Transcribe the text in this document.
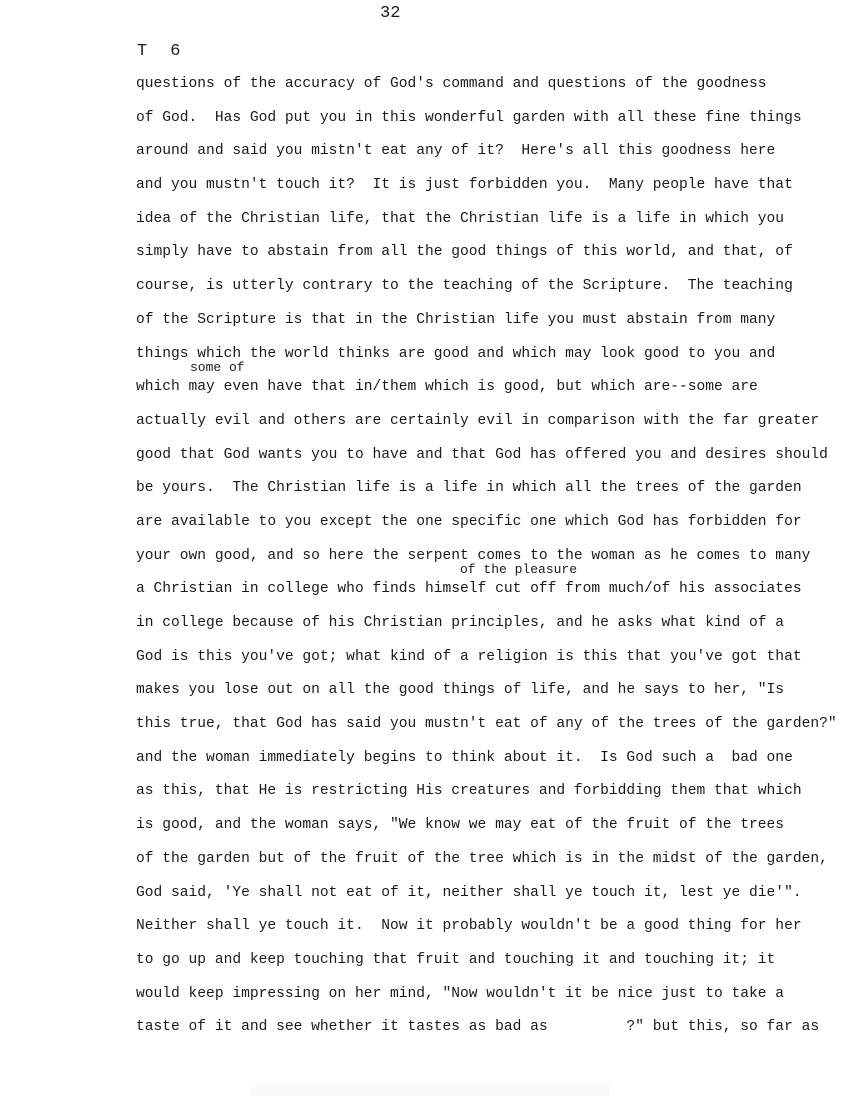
32
T 6
some of
of the pleasure
questions of the accuracy of God's command and questions of the goodness
of God.  Has God put you in this wonderful garden with all these fine things
around and said you mistn't eat any of it?  Here's all this goodness here
and you mustn't touch it?  It is just forbidden you.  Many people have that
idea of the Christian life, that the Christian life is a life in which you
simply have to abstain from all the good things of this world, and that, of
course, is utterly contrary to the teaching of the Scripture.  The teaching
of the Scripture is that in the Christian life you must abstain from many
things which the world thinks are good and which may look good to you and
which may even have that in/them which is good, but which are--some are
actually evil and others are certainly evil in comparison with the far greater
good that God wants you to have and that God has offered you and desires should
be yours.  The Christian life is a life in which all the trees of the garden
are available to you except the one specific one which God has forbidden for
your own good, and so here the serpent comes to the woman as he comes to many
a Christian in college who finds himself cut off from much/of his associates
in college because of his Christian principles, and he asks what kind of a
God is this you've got; what kind of a religion is this that you've got that
makes you lose out on all the good things of life, and he says to her, "Is
this true, that God has said you mustn't eat of any of the trees of the garden?"
and the woman immediately begins to think about it.  Is God such a  bad one
as this, that He is restricting His creatures and forbidding them that which
is good, and the woman says, "We know we may eat of the fruit of the trees
of the garden but of the fruit of the tree which is in the midst of the garden,
God said, 'Ye shall not eat of it, neither shall ye touch it, lest ye die'".
Neither shall ye touch it.  Now it probably wouldn't be a good thing for her
to go up and keep touching that fruit and touching it and touching it; it
would keep impressing on her mind, "Now wouldn't it be nice just to take a
taste of it and see whether it tastes as bad as         ?" but this, so far as
